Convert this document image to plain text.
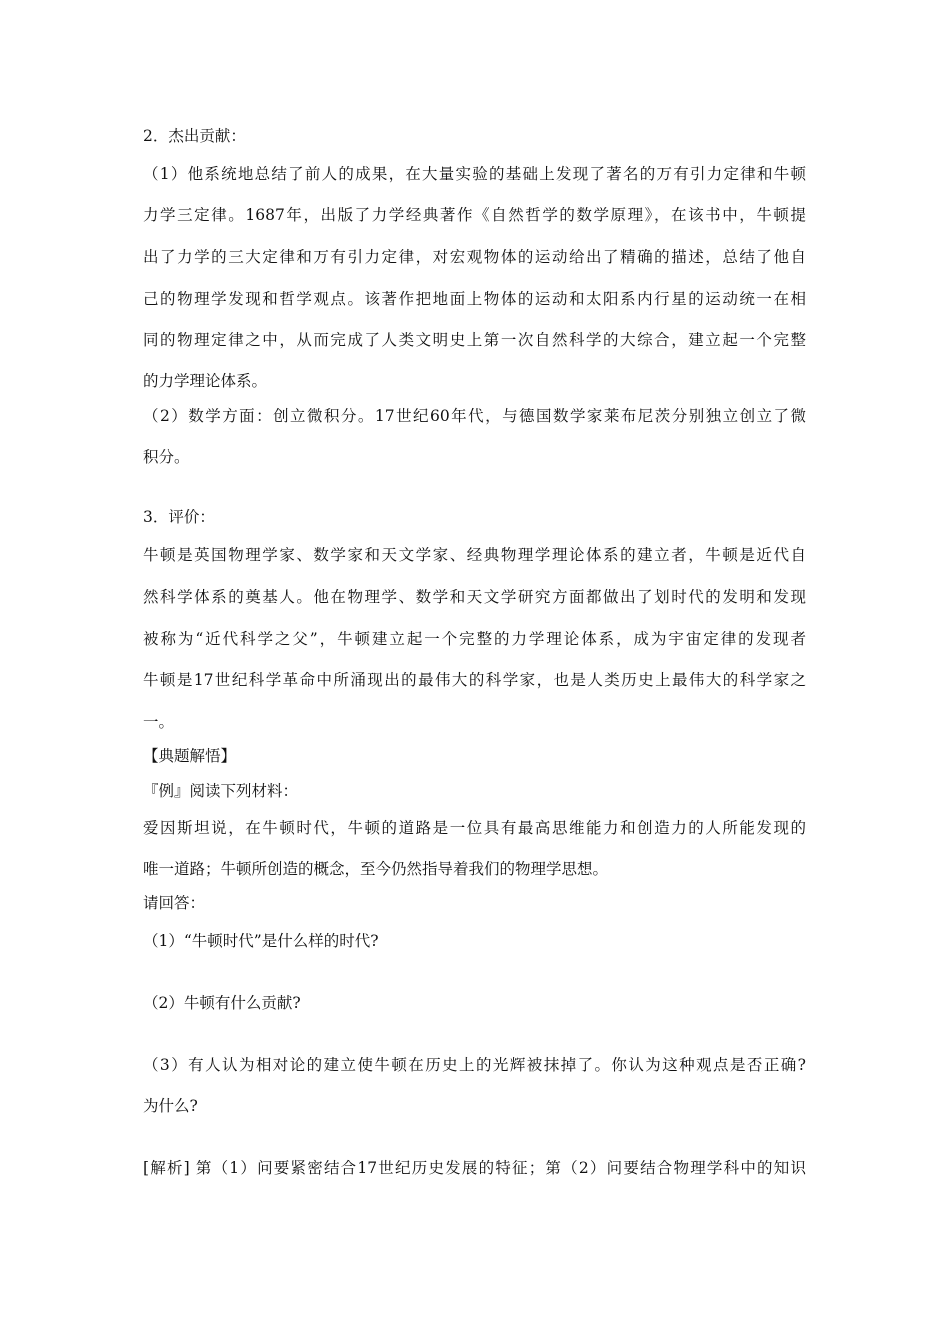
2．杰出贡献：
（1）他系统地总结了前人的成果，在大量实验的基础上发现了著名的万有引力定律和牛顿
力学三定律。1687年，出版了力学经典著作《自然哲学的数学原理》，在该书中，牛顿提
出了力学的三大定律和万有引力定律，对宏观物体的运动给出了精确的描述，总结了他自
己的物理学发现和哲学观点。该著作把地面上物体的运动和太阳系内行星的运动统一在相
同的物理定律之中，从而完成了人类文明史上第一次自然科学的大综合，建立起一个完整
的力学理论体系。
（2）数学方面：创立微积分。17世纪60年代，与德国数学家莱布尼茨分别独立创立了微
积分。
3．评价：
牛顿是英国物理学家、数学家和天文学家、经典物理学理论体系的建立者，牛顿是近代自
然科学体系的奠基人。他在物理学、数学和天文学研究方面都做出了划时代的发明和发现
被称为“近代科学之父”，牛顿建立起一个完整的力学理论体系，成为宇宙定律的发现者
牛顿是17世纪科学革命中所涌现出的最伟大的科学家，也是人类历史上最伟大的科学家之
一。
【典题解悟】
『例』阅读下列材料：
爱因斯坦说，在牛顿时代，牛顿的道路是一位具有最高思维能力和创造力的人所能发现的
唯一道路；牛顿所创造的概念，至今仍然指导着我们的物理学思想。
请回答：
（1）“牛顿时代”是什么样的时代?
（2）牛顿有什么贡献?
（3）有人认为相对论的建立使牛顿在历史上的光辉被抹掉了。你认为这种观点是否正确?
为什么?
[解析] 第（1）问要紧密结合17世纪历史发展的特征；第（2）问要结合物理学科中的知识
